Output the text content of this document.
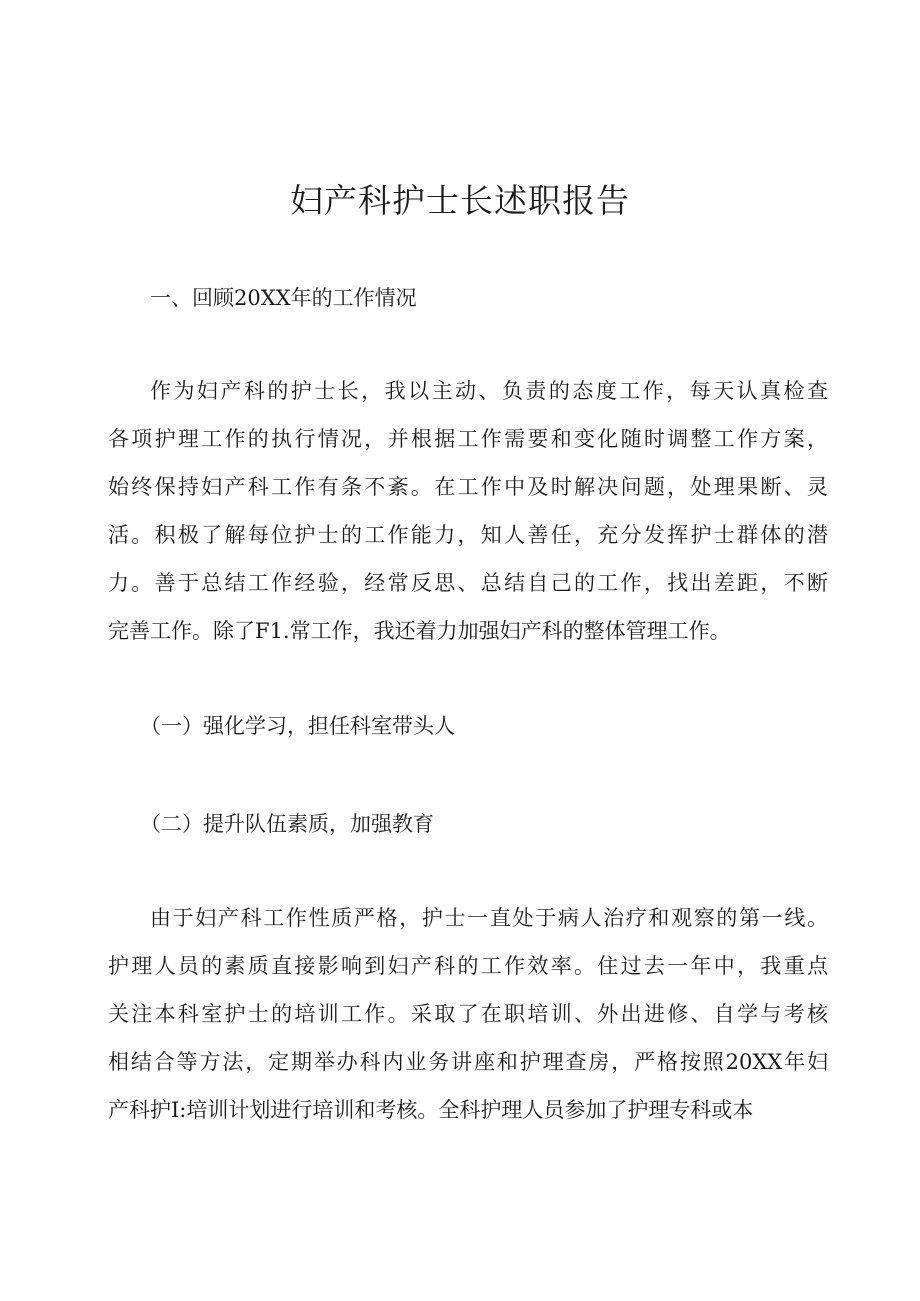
妇产科护士长述职报告

一、回顾20XX年的工作情况

作为妇产科的护士长，我以主动、负责的态度工作，每天认真检查
各项护理工作的执行情况，并根据工作需要和变化随时调整工作方案，
始终保持妇产科工作有条不紊。在工作中及时解决问题，处理果断、灵
活。积极了解每位护士的工作能力，知人善任，充分发挥护士群体的潜
力。善于总结工作经验，经常反思、总结自己的工作，找出差距，不断
完善工作。除了F1.常工作，我还着力加强妇产科的整体管理工作。

（一）强化学习，担任科室带头人

（二）提升队伍素质，加强教育

由于妇产科工作性质严格，护士一直处于病人治疗和观察的第一线。
护理人员的素质直接影响到妇产科的工作效率。住过去一年中，我重点
关注本科室护士的培训工作。采取了在职培训、外出进修、自学与考核
相结合等方法，定期举办科内业务讲座和护理查房，严格按照20XX年妇
产科护I:培训计划进行培训和考核。全科护理人员参加了护理专科或本
